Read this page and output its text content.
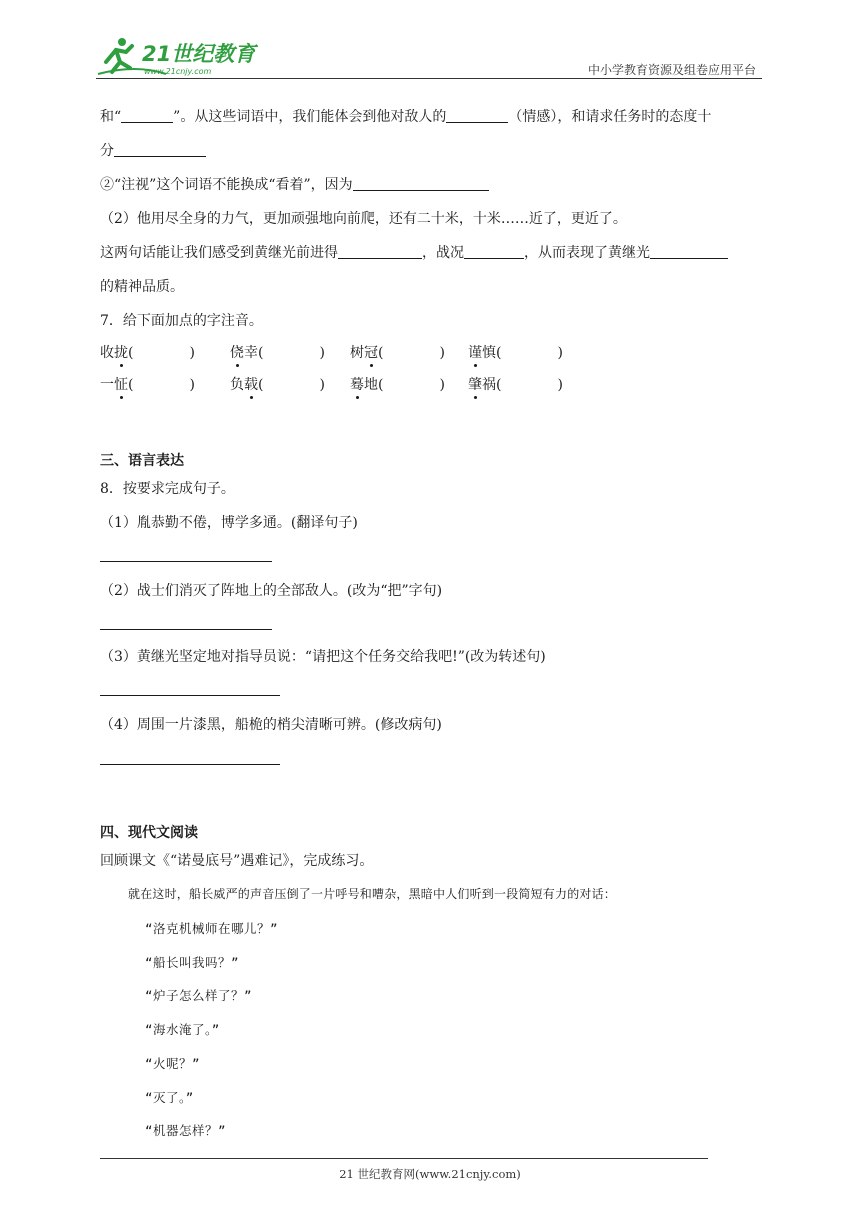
21世纪教育
www.21cnjy.com	中小学教育资源及组卷应用平台
和“	”。从这些词语中，我们能体会到他对敌人的	（情感），和请求任务时的态度十
分
②“注视”这个词语不能换成“看着”，因为
（2）他用尽全身的力气，更加顽强地向前爬，还有二十米，十米……近了，更近了。
这两句话能让我们感受到黄继光前进得	，战况	，从而表现了黄继光
的精神品质。
7．给下面加点的字注音。
收拢(　　　　)	侥幸(　　　　) 树冠(　　　　) 谨慎(　　　　)
一怔(　　　　)	负载(　　　　) 蓦地(　　　　) 肇祸(　　　　)
三、语言表达
8．按要求完成句子。
（1）胤恭勤不倦，博学多通。(翻译句子)
（2）战士们消灭了阵地上的全部敌人。(改为“把”字句)
（3）黄继光坚定地对指导员说：“请把这个任务交给我吧!”(改为转述句)
（4）周围一片漆黑，船桅的梢尖清晰可辨。(修改病句)
四、现代文阅读
回顾课文《“诺曼底号”遇难记》，完成练习。
就在这时，船长威严的声音压倒了一片呼号和嘈杂，黑暗中人们听到一段简短有力的对话：
“洛克机械师在哪儿？”
“船长叫我吗？”
“炉子怎么样了？”
“海水淹了。”
“火呢？”
“灭了。”
“机器怎样？”
21 世纪教育网(www.21cnjy.com)
